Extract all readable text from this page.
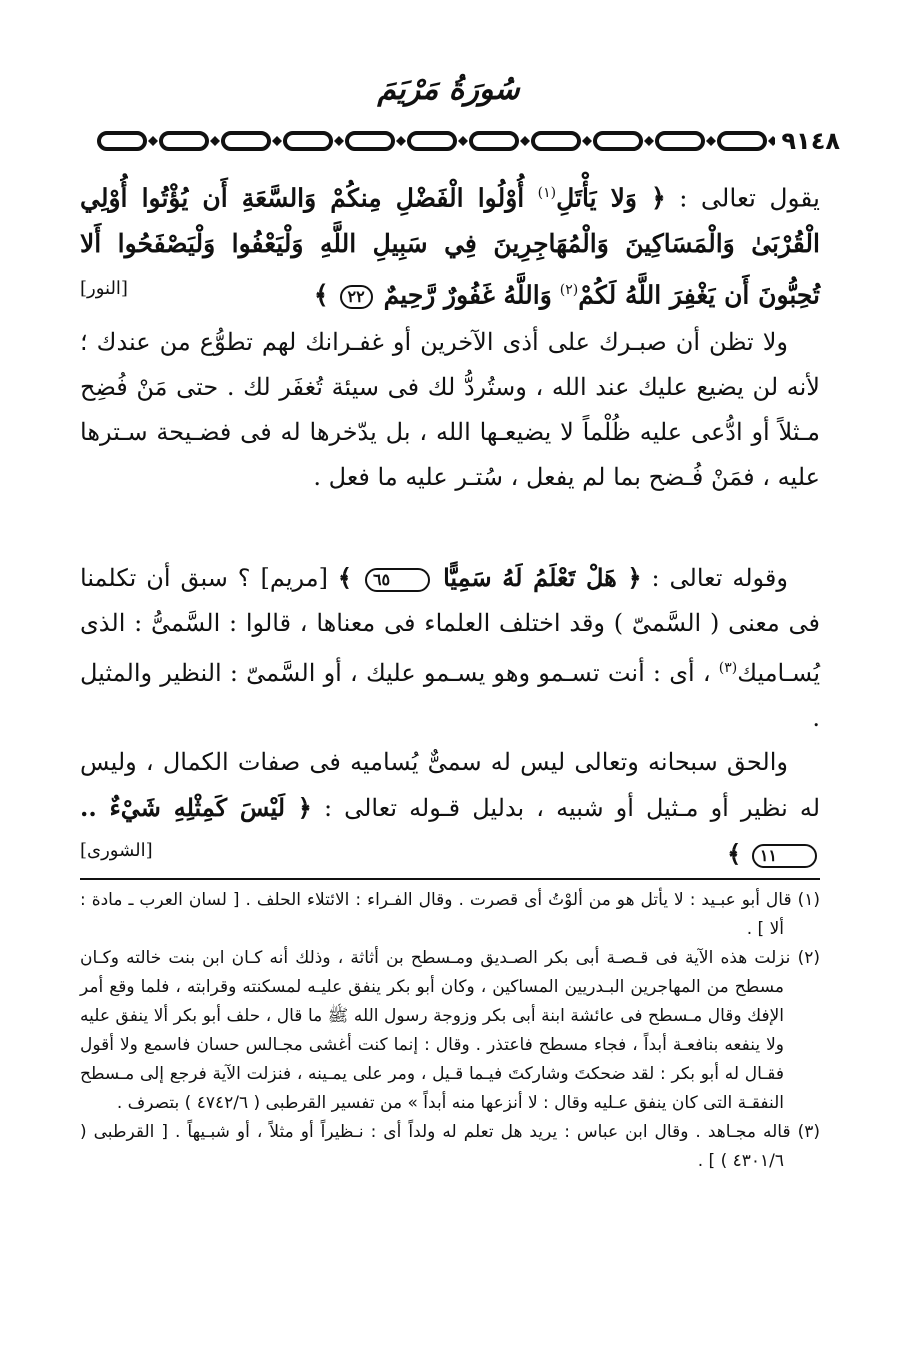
سُورَةُ مَرْيَمَ
٩١٤٨
يقول تعالى : ﴿ وَلا يَأْتَلِ$^{(١)}$ أُوْلُوا الْفَضْلِ مِنكُمْ وَالسَّعَةِ أَن يُؤْتُوا أُوْلِي الْقُرْبَىٰ وَالْمَسَاكِينَ وَالْمُهَاجِرِينَ فِي سَبِيلِ اللَّهِ وَلْيَعْفُوا وَلْيَصْفَحُوا أَلا تُحِبُّونَ أَن يَغْفِرَ اللَّهُ لَكُمْ$^{(٢)}$ وَاللَّهُ غَفُورٌ رَّحِيمٌ ٢٢ ﴾
[النور]
ولا تظن أن صبـرك على أذى الآخرين أو غفـرانك لهم تطوُّع من عندك ؛ لأنه لن يضيع عليك عند الله ، وستُردُّ لك فى سيئة تُغفَر لك . حتى مَنْ فُضِح مـثلاً أو ادُّعى عليه ظُلْماً لا يضيعـها الله ، بل يدّخرها له فى فضـيحة سـترها عليه ، فمَنْ فُـضح بما لم يفعل ، سُتـر عليه ما فعل .
وقوله تعالى : ﴿ هَلْ تَعْلَمُ لَهُ سَمِيًّا ٦٥ ﴾ [مريم] ؟ سبق أن تكلمنا فى معنى ( السَّمىّ ) وقد اختلف العلماء فى معناها ، قالوا : السَّمىُّ : الذى يُسـاميك$^{(٣)}$ ، أى : أنت تسـمو وهو يسـمو عليك ، أو السَّمىّ : النظير والمثيل .
والحق سبحانه وتعالى ليس له سمىٌّ يُساميه فى صفات الكمال ، وليس له نظير أو مـثيل أو شبيه ، بدليل قـوله تعالى : ﴿ لَيْسَ كَمِثْلِهِ شَيْءٌ .. ١١ ﴾
[الشورى]

(١) قال أبو عبـيد : لا يأتل هو من ألوْتُ أى قصرت . وقال الفـراء : الائتلاء الحلف . [ لسان العرب ـ مادة : ألا ] .

(٢) نزلت هذه الآية فى قـصـة أبى بكر الصـديق ومـسطح بن أثاثة ، وذلك أنه كـان ابن بنت خالته وكـان مسطح من المهاجرين البـدريين المساكين ، وكان أبو بكر ينفق عليـه لمسكنته وقرابته ، فلما وقع أمر الإفك وقال مـسطح فى عائشة ابنة أبى بكر وزوجة رسول الله ﷺ ما قال ، حلف أبو بكر ألا ينفق عليه ولا ينفعه بنافعـة أبداً ، فجاء مسطح فاعتذر . وقال : إنما كنت أغشى مجـالس حسان فاسمع ولا أقول فقـال له أبو بكر : لقد ضحكتَ وشاركتَ فيـما قـيل ، ومر على يمـينه ، فنزلت الآية فرجع إلى مـسطح النفقـة التى كان ينفق عـليه وقال : لا أنزعها منه أبداً » من تفسير القرطبى ( ٤٧٤٢/٦ ) بتصرف .

(٣) قاله مجـاهد . وقال ابن عباس : يريد هل تعلم له ولداً أى : نـظيراً أو مثلاً ، أو شبـيهاً . [ القرطبى ( ٤٣٠١/٦ ) ] .
